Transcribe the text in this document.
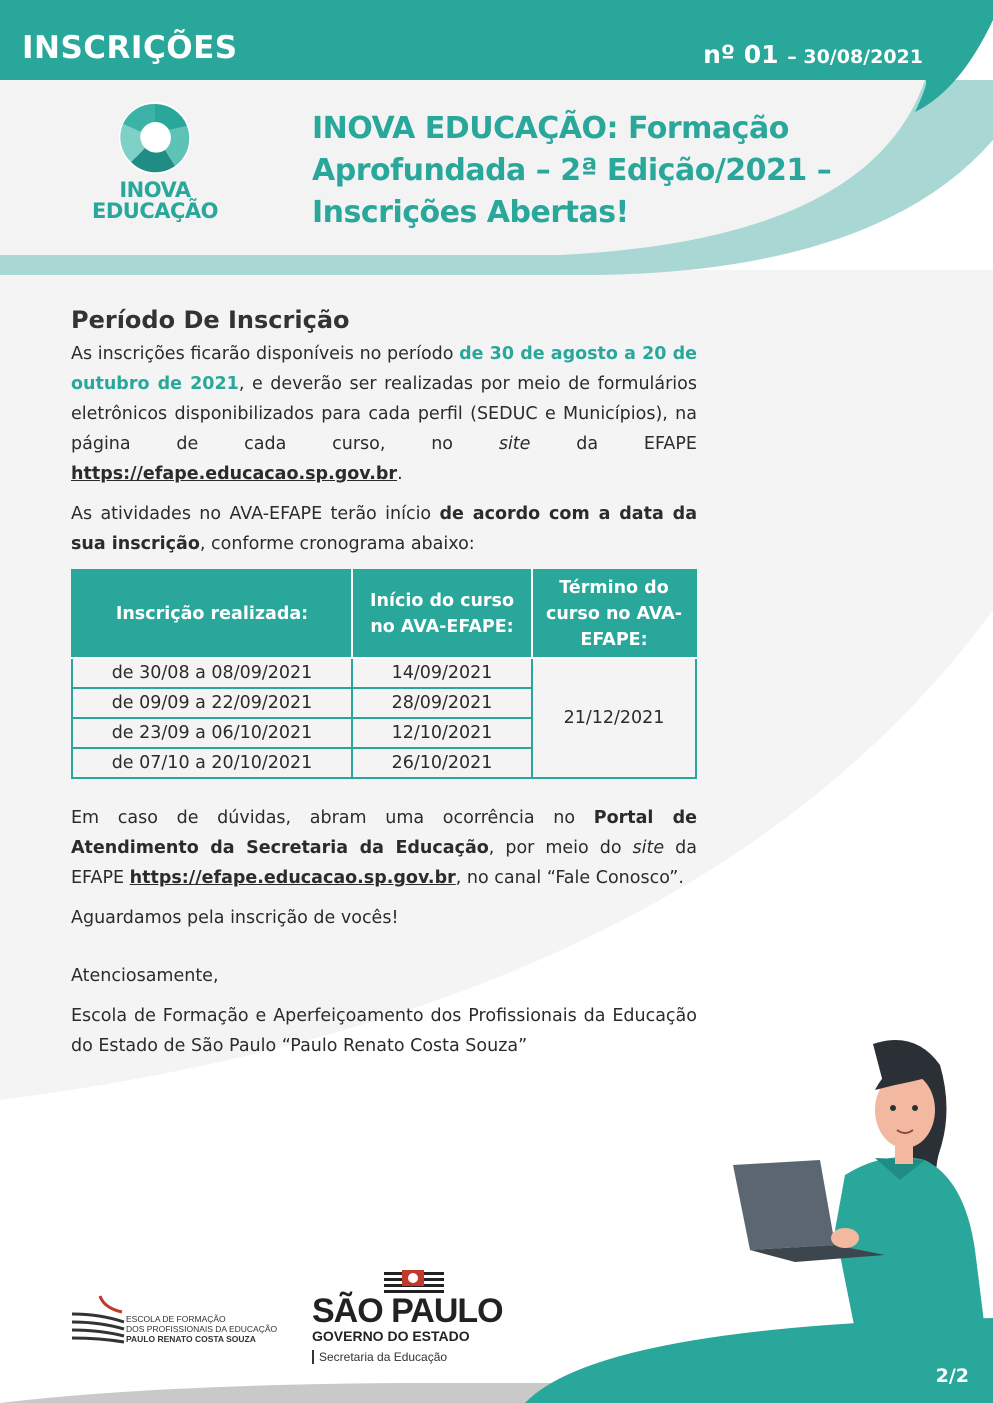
INSCRIÇÕES	nº 01 – 30/08/2021
INOVA
EDUCAÇÃO
INOVA EDUCAÇÃO: Formação
Aprofundada – 2ª Edição/2021 –
Inscrições Abertas!
Período De Inscrição

As inscrições ficarão disponíveis no período de 30 de agosto a 20 de outubro de 2021, e deverão ser realizadas por meio de formulários eletrônicos disponibilizados para cada perfil (SEDUC e Municípios), na página de cada curso, no site da EFAPE https://efape.educacao.sp.gov.br.

As atividades no AVA-EFAPE terão início de acordo com a data da sua inscrição, conforme cronograma abaixo:

Inscrição realizada:	Início do curso no AVA-EFAPE:	Término do curso no AVA-EFAPE:
de 30/08 a 08/09/2021	14/09/2021	21/12/2021
de 09/09 a 22/09/2021	28/09/2021	
de 23/09 a 06/10/2021	12/10/2021	
de 07/10 a 20/10/2021	26/10/2021	

Em caso de dúvidas, abram uma ocorrência no Portal de Atendimento da Secretaria da Educação, por meio do site da EFAPE https://efape.educacao.sp.gov.br, no canal “Fale Conosco”.

Aguardamos pela inscrição de vocês!

Atenciosamente,

Escola de Formação e Aperfeiçoamento dos Profissionais da Educação do Estado de São Paulo “Paulo Renato Costa Souza”

ESCOLA DE FORMAÇÃO
DOS PROFISSIONAIS DA EDUCAÇÃO
PAULO RENATO COSTA SOUZA
SÃO PAULO
GOVERNO DO ESTADO
Secretaria da Educação
2/2
